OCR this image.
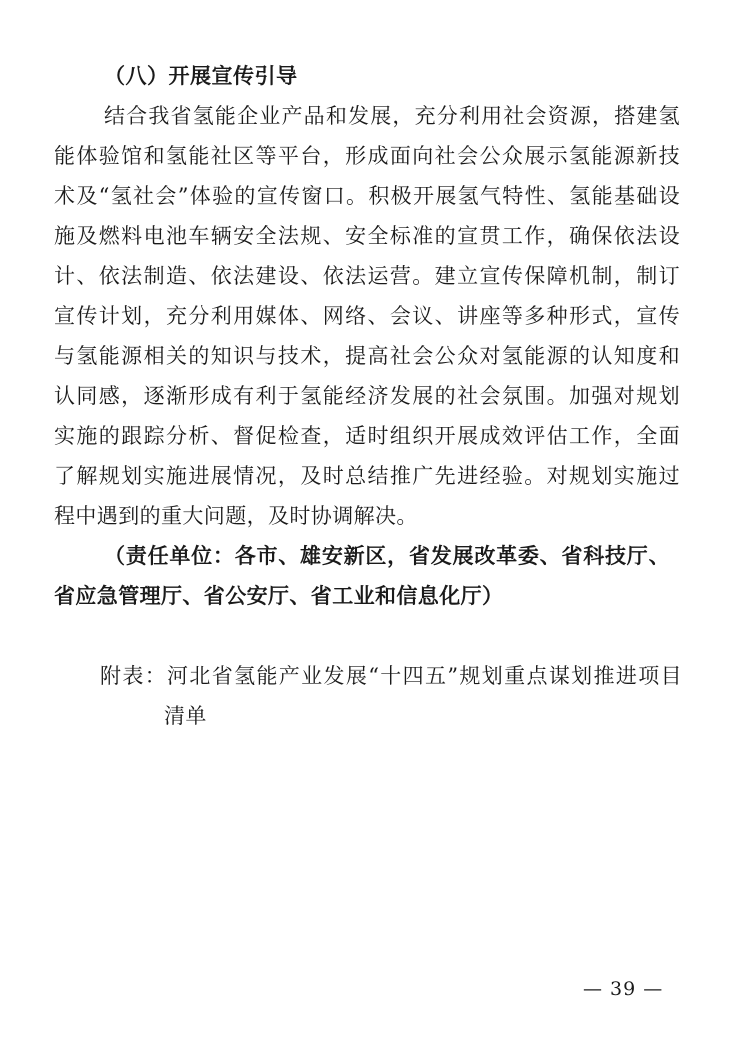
（八）开展宣传引导
结合我省氢能企业产品和发展，充分利用社会资源，搭建氢
能体验馆和氢能社区等平台，形成面向社会公众展示氢能源新技
术及“氢社会”体验的宣传窗口。积极开展氢气特性、氢能基础设
施及燃料电池车辆安全法规、安全标准的宣贯工作，确保依法设
计、依法制造、依法建设、依法运营。建立宣传保障机制，制订
宣传计划，充分利用媒体、网络、会议、讲座等多种形式，宣传
与氢能源相关的知识与技术，提高社会公众对氢能源的认知度和
认同感，逐渐形成有利于氢能经济发展的社会氛围。加强对规划
实施的跟踪分析、督促检查，适时组织开展成效评估工作，全面
了解规划实施进展情况，及时总结推广先进经验。对规划实施过
程中遇到的重大问题，及时协调解决。
（责任单位：各市、雄安新区，省发展改革委、省科技厅、
省应急管理厅、省公安厅、省工业和信息化厅）
附表：河北省氢能产业发展“十四五”规划重点谋划推进项目
清单
— 39 —
